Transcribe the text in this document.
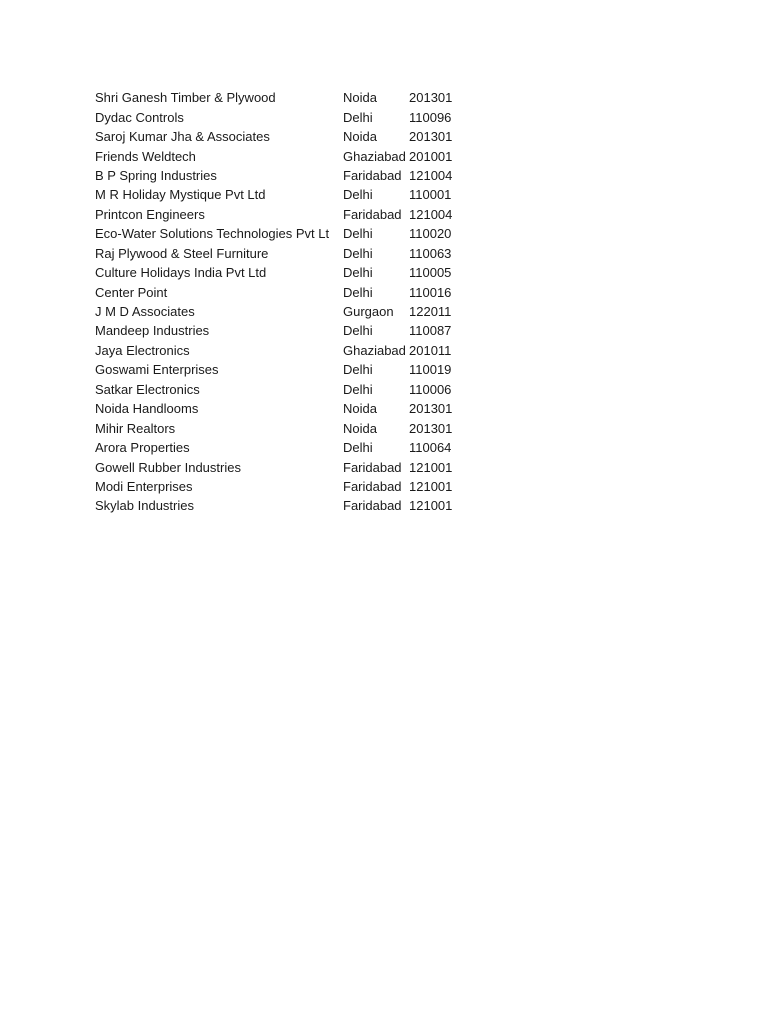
Shri Ganesh Timber & Plywood	Noida	201301
Dydac Controls	Delhi	110096
Saroj Kumar Jha & Associates	Noida	201301
Friends Weldtech	Ghaziabad 201001
B P Spring Industries	Faridabad 121004
M R Holiday Mystique Pvt Ltd	Delhi	110001
Printcon Engineers	Faridabad 121004
Eco-Water Solutions Technologies Pvt Lt	Delhi	110020
Raj Plywood & Steel Furniture	Delhi	110063
Culture Holidays India Pvt Ltd	Delhi	110005
Center Point	Delhi	110016
J M D Associates	Gurgaon	122011
Mandeep Industries	Delhi	110087
Jaya Electronics	Ghaziabad 201011
Goswami Enterprises	Delhi	110019
Satkar Electronics	Delhi	110006
Noida Handlooms	Noida	201301
Mihir Realtors	Noida	201301
Arora Properties	Delhi	110064
Gowell Rubber Industries	Faridabad 121001
Modi Enterprises	Faridabad 121001
Skylab Industries	Faridabad 121001
